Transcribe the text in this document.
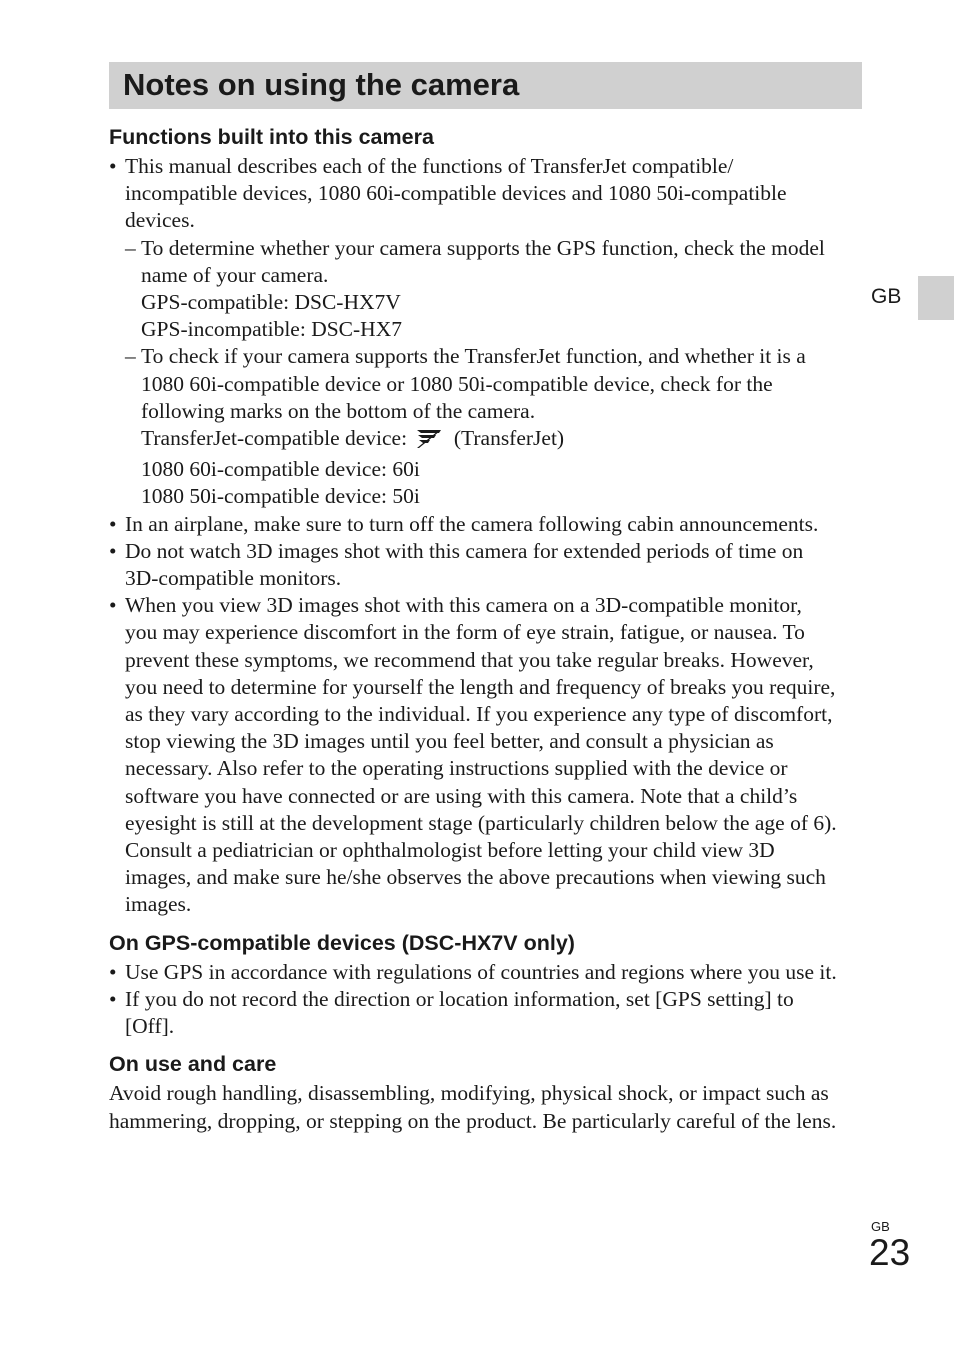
Notes on using the camera
GB
Functions built into this camera
• This manual describes each of the functions of TransferJet compatible/
incompatible devices, 1080 60i-compatible devices and 1080 50i-compatible
devices.
– To determine whether your camera supports the GPS function, check the model
name of your camera.
GPS-compatible: DSC-HX7V
GPS-incompatible: DSC-HX7
– To check if your camera supports the TransferJet function, and whether it is a
1080 60i-compatible device or 1080 50i-compatible device, check for the
following marks on the bottom of the camera.
TransferJet-compatible device: (TransferJet)
1080 60i-compatible device: 60i
1080 50i-compatible device: 50i
• In an airplane, make sure to turn off the camera following cabin announcements.
• Do not watch 3D images shot with this camera for extended periods of time on
3D-compatible monitors.
• When you view 3D images shot with this camera on a 3D-compatible monitor,
you may experience discomfort in the form of eye strain, fatigue, or nausea. To
prevent these symptoms, we recommend that you take regular breaks. However,
you need to determine for yourself the length and frequency of breaks you require,
as they vary according to the individual. If you experience any type of discomfort,
stop viewing the 3D images until you feel better, and consult a physician as
necessary. Also refer to the operating instructions supplied with the device or
software you have connected or are using with this camera. Note that a child’s
eyesight is still at the development stage (particularly children below the age of 6).
Consult a pediatrician or ophthalmologist before letting your child view 3D
images, and make sure he/she observes the above precautions when viewing such
images.
On GPS-compatible devices (DSC-HX7V only)
• Use GPS in accordance with regulations of countries and regions where you use it.
• If you do not record the direction or location information, set [GPS setting] to
[Off].
On use and care
Avoid rough handling, disassembling, modifying, physical shock, or impact such as
hammering, dropping, or stepping on the product. Be particularly careful of the lens.
GB
23
